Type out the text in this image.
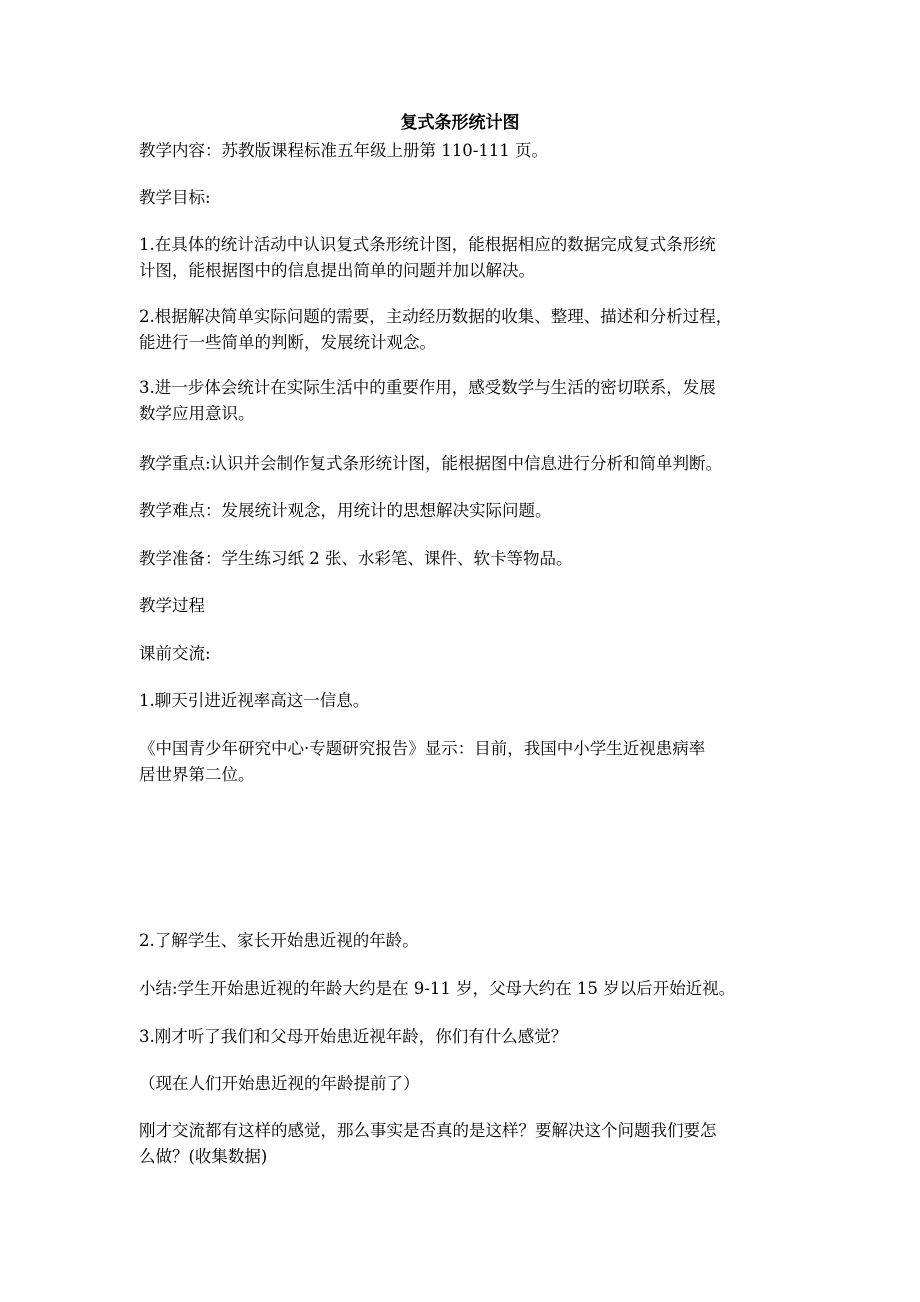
复式条形统计图
教学内容：苏教版课程标准五年级上册第 110-111 页。
教学目标:
1.在具体的统计活动中认识复式条形统计图，能根据相应的数据完成复式条形统
计图，能根据图中的信息提出简单的问题并加以解决。
2.根据解决简单实际问题的需要，主动经历数据的收集、整理、描述和分析过程，
能进行一些简单的判断，发展统计观念。
3.进一步体会统计在实际生活中的重要作用，感受数学与生活的密切联系，发展
数学应用意识。
教学重点:认识并会制作复式条形统计图，能根据图中信息进行分析和简单判断。
教学难点：发展统计观念，用统计的思想解决实际问题。
教学准备：学生练习纸 2 张、水彩笔、课件、软卡等物品。
教学过程
课前交流:
1.聊天引进近视率高这一信息。
《中国青少年研究中心·专题研究报告》显示：目前，我国中小学生近视患病率
居世界第二位。
2.了解学生、家长开始患近视的年龄。
小结:学生开始患近视的年龄大约是在 9-11 岁，父母大约在 15 岁以后开始近视。
3.刚才听了我们和父母开始患近视年龄，你们有什么感觉？
（现在人们开始患近视的年龄提前了）
刚才交流都有这样的感觉，那么事实是否真的是这样？要解决这个问题我们要怎
么做？(收集数据)
